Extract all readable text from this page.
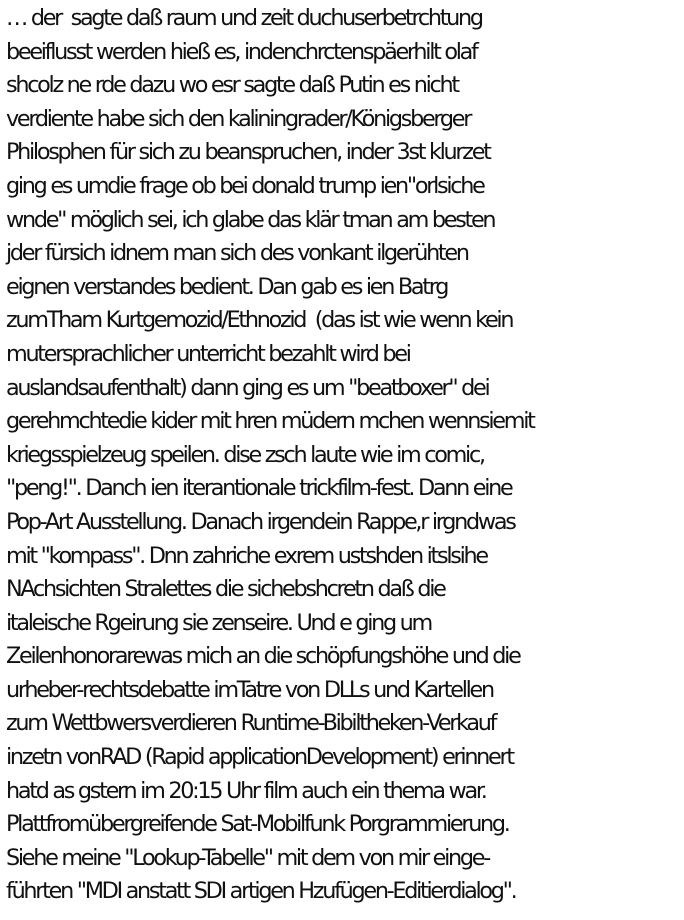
… der  sagte daß raum und zeit duchuserbetrchtung
beeiflusst werden hieß es, indenchrctenspäerhilt olaf
shcolz ne rde dazu wo esr sagte daß Putin es nicht
verdiente habe sich den kaliningrader/Königsberger
Philosphen für sich zu beanspruchen, inder 3st klurzet
ging es umdie frage ob bei donald trump ien"orlsiche
wnde" möglich sei, ich glabe das klär tman am besten
jder fürsich idnem man sich des vonkant ilgerühten
eignen verstandes bedient. Dan gab es ien Batrg
zumTham Kurtgemozid/Ethnozid  (das ist wie wenn kein
mutersprachlicher unterricht bezahlt wird bei
auslandsaufenthalt) dann ging es um "beatboxer" dei
gerehmchtedie kider mit hren müdern mchen wennsiemit
kriegsspielzeug speilen. dise zsch laute wie im comic,
"peng!". Danch ien iterantionale trickfilm-fest. Dann eine
Pop-Art Ausstellung. Danach irgendein Rappe,r irgndwas
mit "kompass". Dnn zahriche exrem ustshden itslsihe
NAchsichten Stralettes die sichebshcretn daß die
italeische Rgeirung sie zenseire. Und e ging um
Zeilenhonorarewas mich an die schöpfungshöhe und die
urheber-rechtsdebatte imTatre von DLLs und Kartellen
zum Wettbwersverdieren Runtime-Bibiltheken-Verkauf
inzetn vonRAD (Rapid applicationDevelopment) erinnert
hatd as gstern im 20:15 Uhr film auch ein thema war.
Plattfromübergreifende Sat-Mobilfunk Porgrammierung.
Siehe meine "Lookup-Tabelle" mit dem von mir einge-
führten "MDI anstatt SDI artigen Hzufügen-Editierdialog".
